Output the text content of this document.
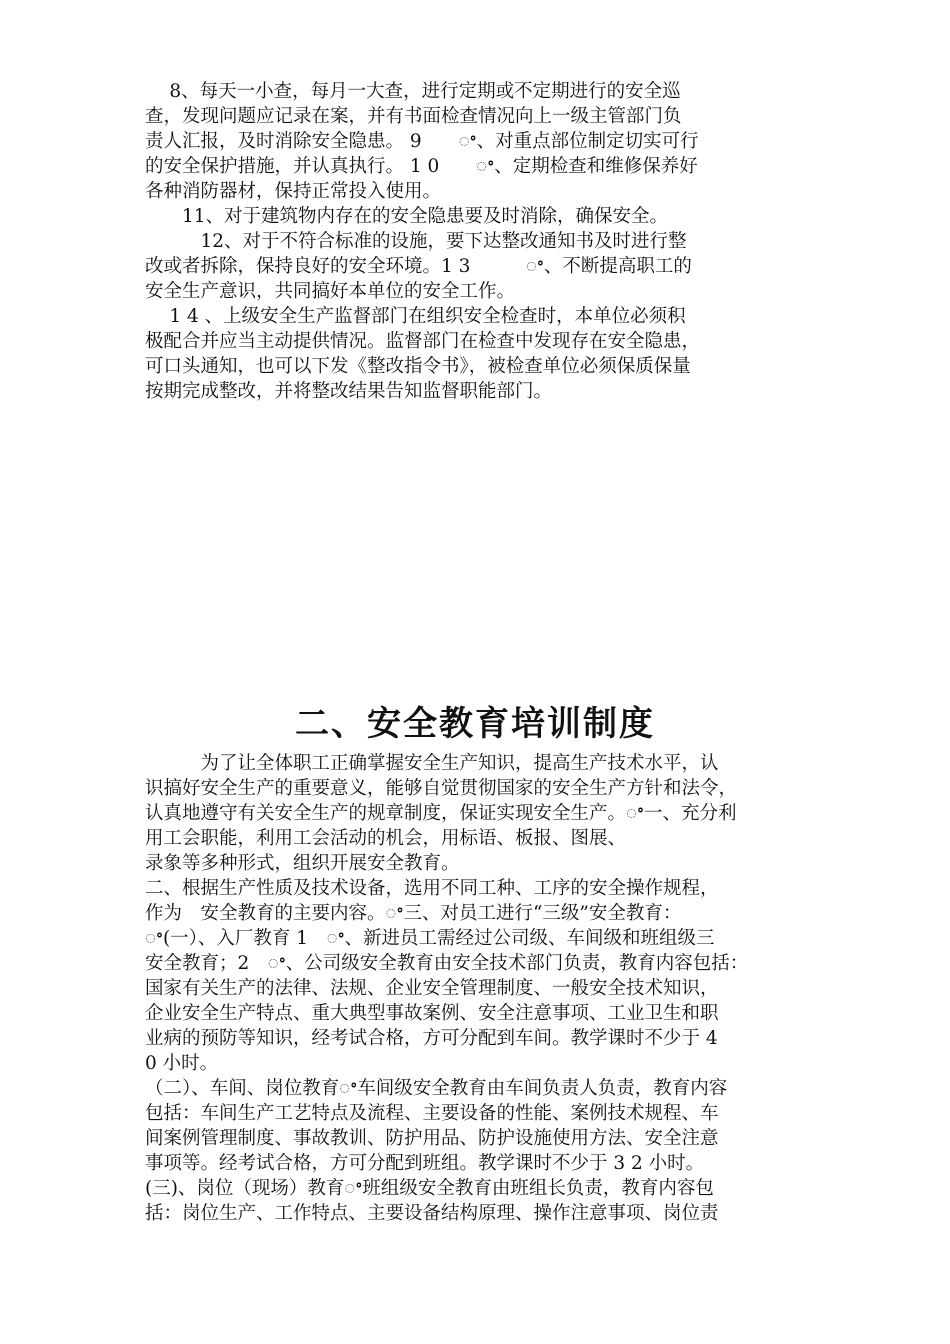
　 8、每天一小查，每月一大查，进行定期或不定期进行的安全巡
查，发现问题应记录在案，并有书面检查情况向上一级主管部门负
责人汇报，及时消除安全隐患。 9　　ꢀ、对重点部位制定切实可行
的安全保护措施，并认真执行。 1 0　　ꢀ、定期检查和维修保养好
各种消防器材，保持正常投入使用。
　　11、对于建筑物内存在的安全隐患要及时消除，确保安全。
　　　12、对于不符合标准的设施，要下达整改通知书及时进行整
改或者拆除，保持良好的安全环境。1 3　　　ꢀ、不断提高职工的
安全生产意识，共同搞好本单位的安全工作。
　 1 4 、上级安全生产监督部门在组织安全检查时，本单位必须积
极配合并应当主动提供情况。监督部门在检查中发现存在安全隐患，
可口头通知，也可以下发《整改指令书》，被检查单位必须保质保量
按期完成整改，并将整改结果告知监督职能部门。
二、安全教育培训制度
　　　为了让全体职工正确掌握安全生产知识，提高生产技术水平，认
识搞好安全生产的重要意义，能够自觉贯彻国家的安全生产方针和法令，
认真地遵守有关安全生产的规章制度，保证实现安全生产。ꢀ一、充分利
用工会职能，利用工会活动的机会，用标语、板报、图展、
录象等多种形式，组织开展安全教育。
二、根据生产性质及技术设备，选用不同工种、工序的安全操作规程，
作为　安全教育的主要内容。ꢀ三、对员工进行“三级”安全教育：
ꢀ(一）、入厂教育 1　ꢀ、新进员工需经过公司级、车间级和班组级三
安全教育；2　ꢀ、公司级安全教育由安全技术部门负责，教育内容包括：
国家有关生产的法律、法规、企业安全管理制度、一般安全技术知识，
企业安全生产特点、重大典型事故案例、安全注意事项、工业卫生和职
业病的预防等知识，经考试合格，方可分配到车间。教学课时不少于 4
0 小时。
（二）、车间、岗位教育ꢀ车间级安全教育由车间负责人负责，教育内容
包括：车间生产工艺特点及流程、主要设备的性能、案例技术规程、车
间案例管理制度、事故教训、防护用品、防护设施使用方法、安全注意
事项等。经考试合格，方可分配到班组。教学课时不少于 3 2 小时。
(三)、岗位（现场）教育ꢀ班组级安全教育由班组长负责，教育内容包
括：岗位生产、工作特点、主要设备结构原理、操作注意事项、岗位责
